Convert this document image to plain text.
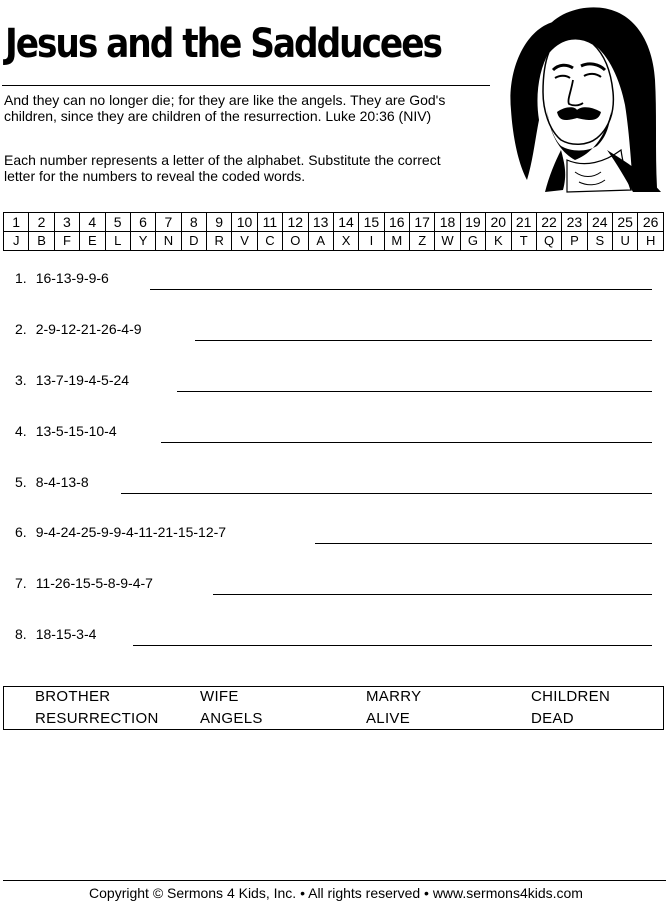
Jesus and the Sadducees

And they can no longer die; for they are like the angels. They are God's children, since they are children of the resurrection. Luke 20:36 (NIV)

Each number represents a letter of the alphabet. Substitute the correct letter for the numbers to reveal the coded words.

1	2	3	4	5	6	7	8	9	10	11	12	13	14	15	16	17	18	19	20	21	22	23	24	25	26
J	B	F	E	L	Y	N	D	R	V	C	O	A	X	I	M	Z	W	G	K	T	Q	P	S	U	H
1. 16-13-9-9-6
2. 2-9-12-21-26-4-9
3. 13-7-19-4-5-24
4. 13-5-15-10-4
5. 8-4-13-8
6. 9-4-24-25-9-9-4-11-21-15-12-7
7. 11-26-15-5-8-9-4-7
8. 18-15-3-4
BROTHER	WIFE	MARRY	CHILDREN
RESURRECTION	ANGELS	ALIVE	DEAD
Copyright © Sermons 4 Kids, Inc. • All rights reserved • www.sermons4kids.com
